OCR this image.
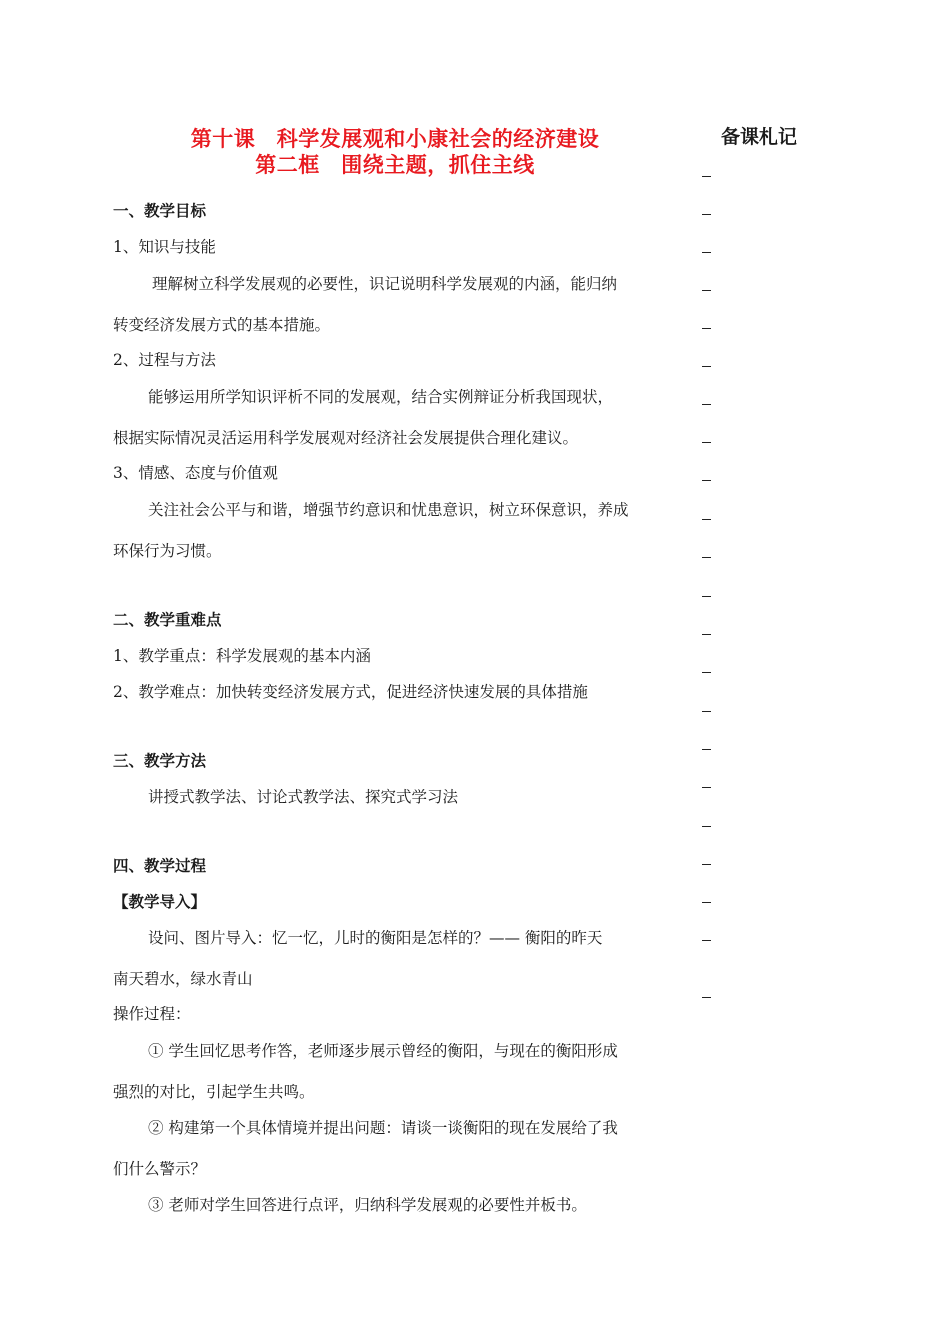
第十课　科学发展观和小康社会的经济建设
第二框　围绕主题，抓住主线
备课札记

一、教学目标

1、知识与技能

理解树立科学发展观的必要性，识记说明科学发展观的内涵，能归纳

转变经济发展方式的基本措施。

2、过程与方法

能够运用所学知识评析不同的发展观，结合实例辩证分析我国现状，

根据实际情况灵活运用科学发展观对经济社会发展提供合理化建议。

3、情感、态度与价值观

关注社会公平与和谐，增强节约意识和忧患意识，树立环保意识，养成

环保行为习惯。

二、教学重难点

1、教学重点：科学发展观的基本内涵

2、教学难点：加快转变经济发展方式，促进经济快速发展的具体措施

三、教学方法

讲授式教学法、讨论式教学法、探究式学习法

四、教学过程

【教学导入】

设问、图片导入：忆一忆，儿时的衡阳是怎样的？—— 衡阳的昨天

南天碧水，绿水青山

操作过程：

① 学生回忆思考作答，老师逐步展示曾经的衡阳，与现在的衡阳形成

强烈的对比，引起学生共鸣。

② 构建第一个具体情境并提出问题：请谈一谈衡阳的现在发展给了我

们什么警示？

③ 老师对学生回答进行点评，归纳科学发展观的必要性并板书。
